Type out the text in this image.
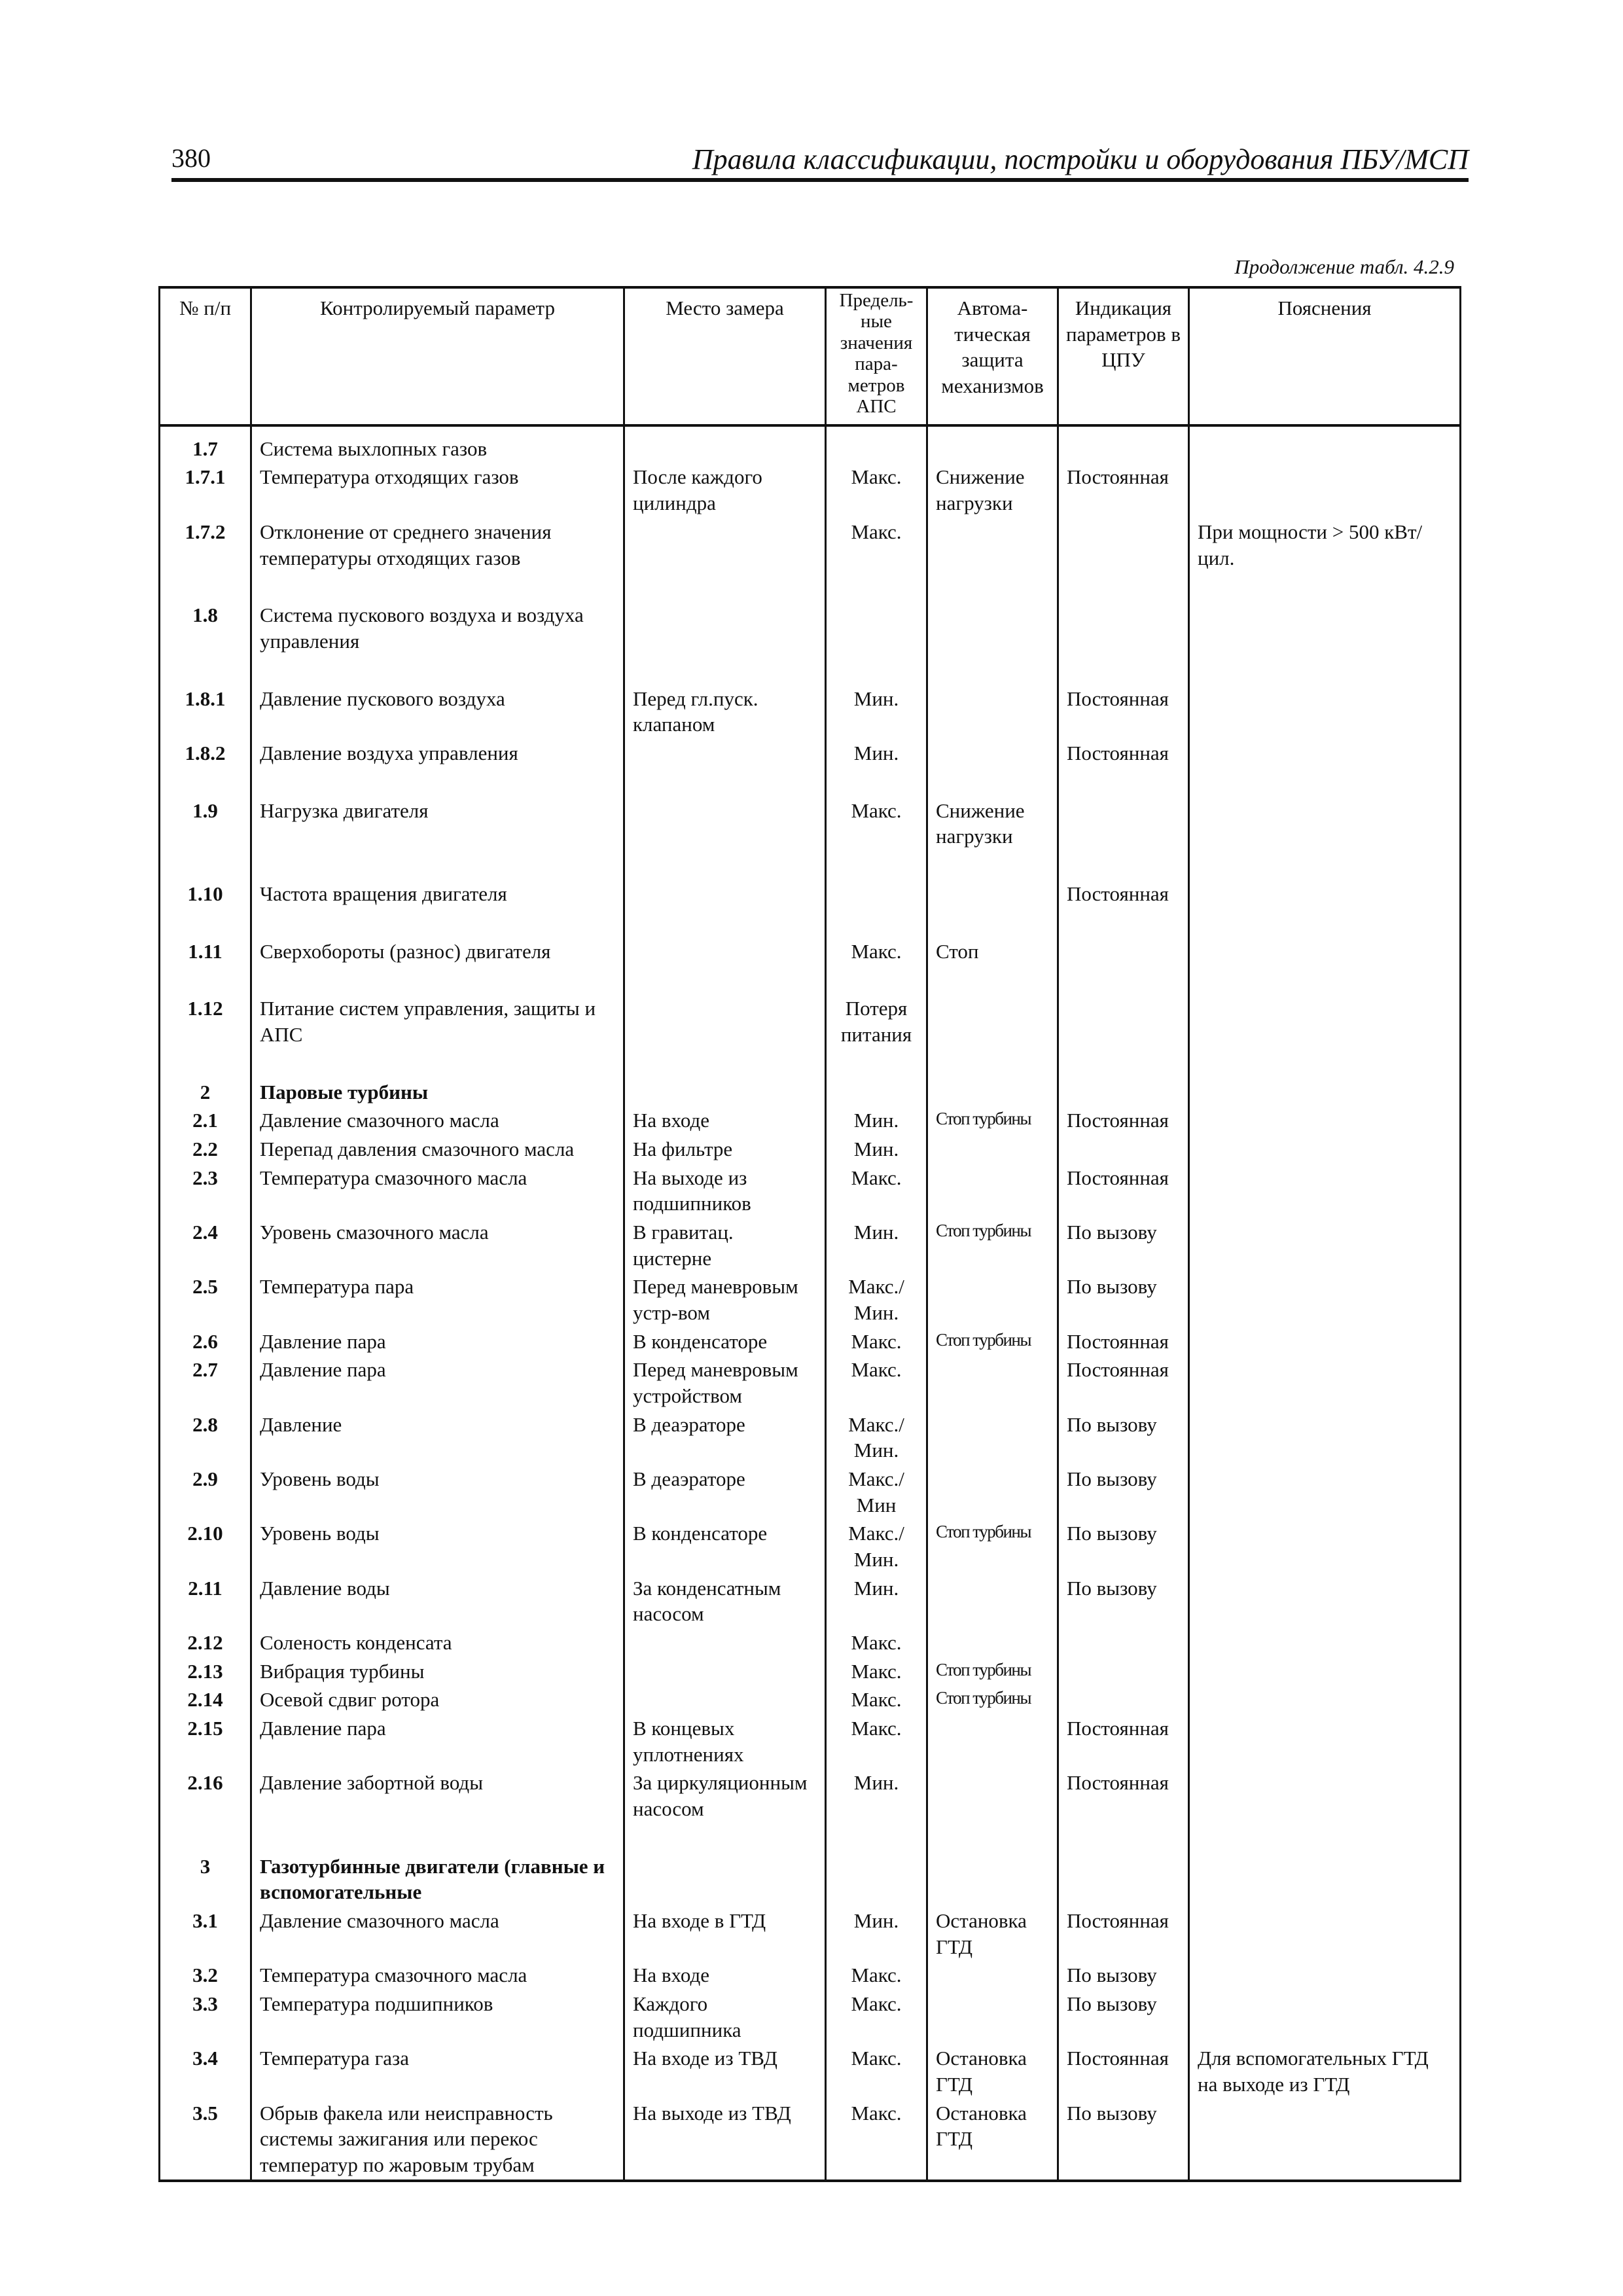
380	Правила классификации, постройки и оборудования ПБУ/МСП
Продолжение табл. 4.2.9
№ п/п	Контролируемый параметр	Место замера	Предель-ные значения пара-метров АПС	Автома-тическая защита механизмов	Индикация параметров в ЦПУ	Пояснения
1.7	Система выхлопных газов					
1.7.1	Температура отходящих газов	После каждого цилиндра	Макс.	Снижение нагрузки	Постоянная	
1.7.2	Отклонение от среднего значения температуры отходящих газов		Макс.			При мощности > 500 кВт/цил.

1.8	Система пускового воздуха и воздуха управления					

1.8.1	Давление пускового воздуха	Перед гл.пуск. клапаном	Мин.		Постоянная	
1.8.2	Давление воздуха управления		Мин.		Постоянная	

1.9	Нагрузка двигателя		Макс.	Снижение нагрузки		

1.10	Частота вращения двигателя				Постоянная	

1.11	Сверхобороты (разнос) двигателя		Макс.	Стоп		

1.12	Питание систем управления, защиты и АПС		Потеря питания			

2	Паровые турбины					
2.1	Давление смазочного масла	На входе	Мин.	Стоп турбины	Постоянная	
2.2	Перепад давления смазочного масла	На фильтре	Мин.			
2.3	Температура смазочного масла	На выходе из подшипников	Макс.		Постоянная	
2.4	Уровень смазочного масла	В гравитац. цистерне	Мин.	Стоп турбины	По вызову	
2.5	Температура пара	Перед маневровым устр-вом	Макс./ Мин.		По вызову	
2.6	Давление пара	В конденсаторе	Макс.	Стоп турбины	Постоянная	
2.7	Давление пара	Перед маневровым устройством	Макс.		Постоянная	
2.8	Давление	В деаэраторе	Макс./ Мин.		По вызову	
2.9	Уровень воды	В деаэраторе	Макс./ Мин		По вызову	
2.10	Уровень воды	В конденсаторе	Макс./ Мин.	Стоп турбины	По вызову	
2.11	Давление воды	За конденсатным насосом	Мин.		По вызову	
2.12	Соленость конденсата		Макс.			
2.13	Вибрация турбины		Макс.	Стоп турбины		
2.14	Осевой сдвиг ротора		Макс.	Стоп турбины		
2.15	Давление пара	В концевых уплотнениях	Макс.		Постоянная	
2.16	Давление забортной воды	За циркуляционным насосом	Мин.		Постоянная	

3	Газотурбинные двигатели (главные и вспомогательные					
3.1	Давление смазочного масла	На входе в ГТД	Мин.	Остановка ГТД	Постоянная	
3.2	Температура смазочного масла	На входе	Макс.		По вызову	
3.3	Температура подшипников	Каждого подшипника	Макс.		По вызову	
3.4	Температура газа	На входе из ТВД	Макс.	Остановка ГТД	Постоянная	Для вспомогательных ГТД на выходе из ГТД
3.5	Обрыв факела или неисправность системы зажигания или перекос температур по жаровым трубам	На выходе из ТВД	Макс.	Остановка ГТД	По вызову	
